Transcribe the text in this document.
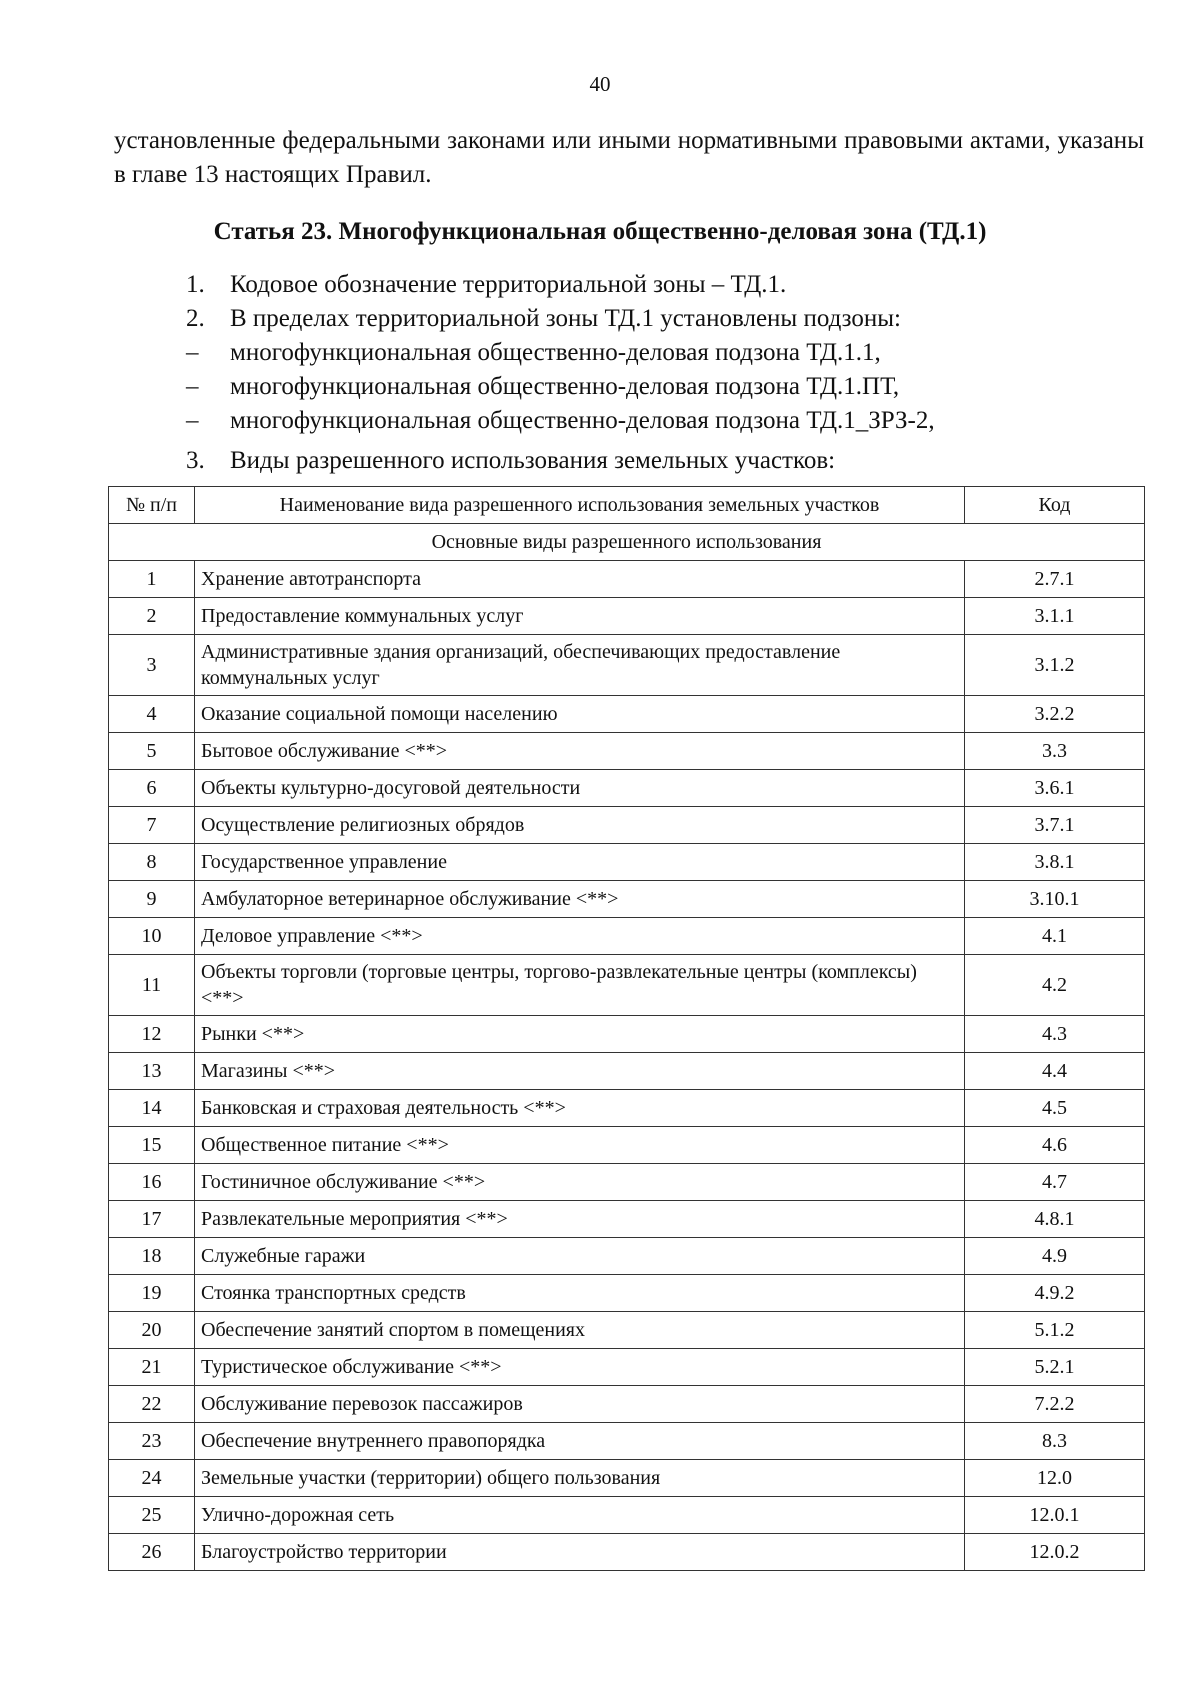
40
установленные федеральными законами или иными нормативными правовыми актами, указаны в главе 13 настоящих Правил.
Статья 23. Многофункциональная общественно-деловая зона (ТД.1)
1. Кодовое обозначение территориальной зоны – ТД.1.
2. В пределах территориальной зоны ТД.1 установлены подзоны:
– многофункциональная общественно-деловая подзона ТД.1.1,
– многофункциональная общественно-деловая подзона ТД.1.ПТ,
– многофункциональная общественно-деловая подзона ТД.1_ЗРЗ-2,
3. Виды разрешенного использования земельных участков:
№ п/п	Наименование вида разрешенного использования земельных участков	Код
Основные виды разрешенного использования		
1	Хранение автотранспорта	2.7.1
2	Предоставление коммунальных услуг	3.1.1
3	Административные здания организаций, обеспечивающих предоставление коммунальных услуг	3.1.2
4	Оказание социальной помощи населению	3.2.2
5	Бытовое обслуживание <**>	3.3
6	Объекты культурно-досуговой деятельности	3.6.1
7	Осуществление религиозных обрядов	3.7.1
8	Государственное управление	3.8.1
9	Амбулаторное ветеринарное обслуживание <**>	3.10.1
10	Деловое управление <**>	4.1
11	Объекты торговли (торговые центры, торгово-развлекательные центры (комплексы) <**>	4.2
12	Рынки <**>	4.3
13	Магазины <**>	4.4
14	Банковская и страховая деятельность <**>	4.5
15	Общественное питание <**>	4.6
16	Гостиничное обслуживание <**>	4.7
17	Развлекательные мероприятия <**>	4.8.1
18	Служебные гаражи	4.9
19	Стоянка транспортных средств	4.9.2
20	Обеспечение занятий спортом в помещениях	5.1.2
21	Туристическое обслуживание <**>	5.2.1
22	Обслуживание перевозок пассажиров	7.2.2
23	Обеспечение внутреннего правопорядка	8.3
24	Земельные участки (территории) общего пользования	12.0
25	Улично-дорожная сеть	12.0.1
26	Благоустройство территории	12.0.2
